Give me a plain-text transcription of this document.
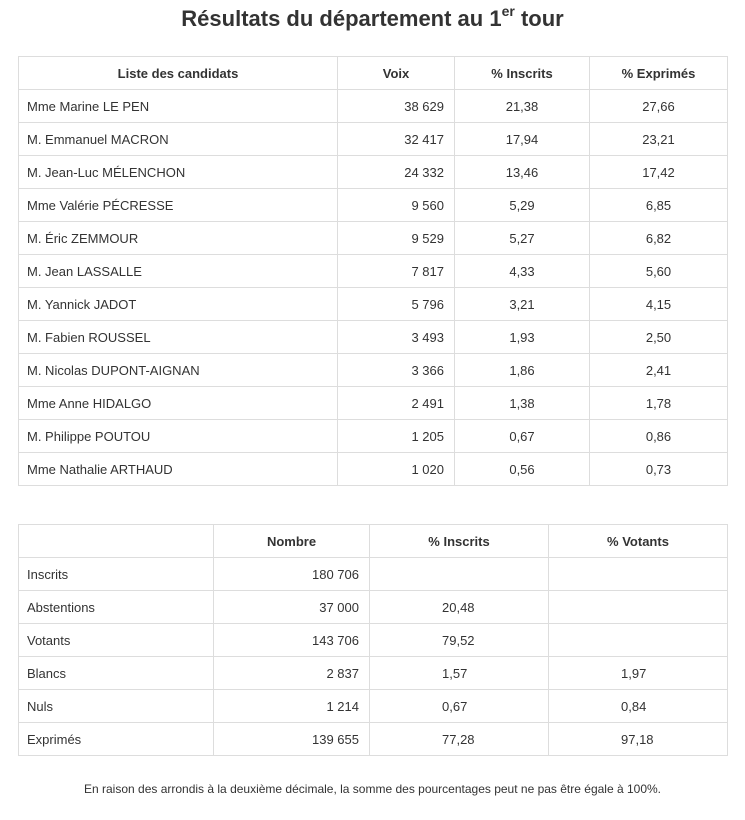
Résultats du département au 1er tour
Liste des candidats	Voix	% Inscrits	% Exprimés
Mme Marine LE PEN	38 629	21,38	27,66
M. Emmanuel MACRON	32 417	17,94	23,21
M. Jean-Luc MÉLENCHON	24 332	13,46	17,42
Mme Valérie PÉCRESSE	9 560	5,29	6,85
M. Éric ZEMMOUR	9 529	5,27	6,82
M. Jean LASSALLE	7 817	4,33	5,60
M. Yannick JADOT	5 796	3,21	4,15
M. Fabien ROUSSEL	3 493	1,93	2,50
M. Nicolas DUPONT-AIGNAN	3 366	1,86	2,41
Mme Anne HIDALGO	2 491	1,38	1,78
M. Philippe POUTOU	1 205	0,67	0,86
Mme Nathalie ARTHAUD	1 020	0,56	0,73
	Nombre	% Inscrits	% Votants
Inscrits	180 706		
Abstentions	37 000	20,48	
Votants	143 706	79,52	
Blancs	2 837	1,57	1,97
Nuls	1 214	0,67	0,84
Exprimés	139 655	77,28	97,18

En raison des arrondis à la deuxième décimale, la somme des pourcentages peut ne pas être égale à 100%.
